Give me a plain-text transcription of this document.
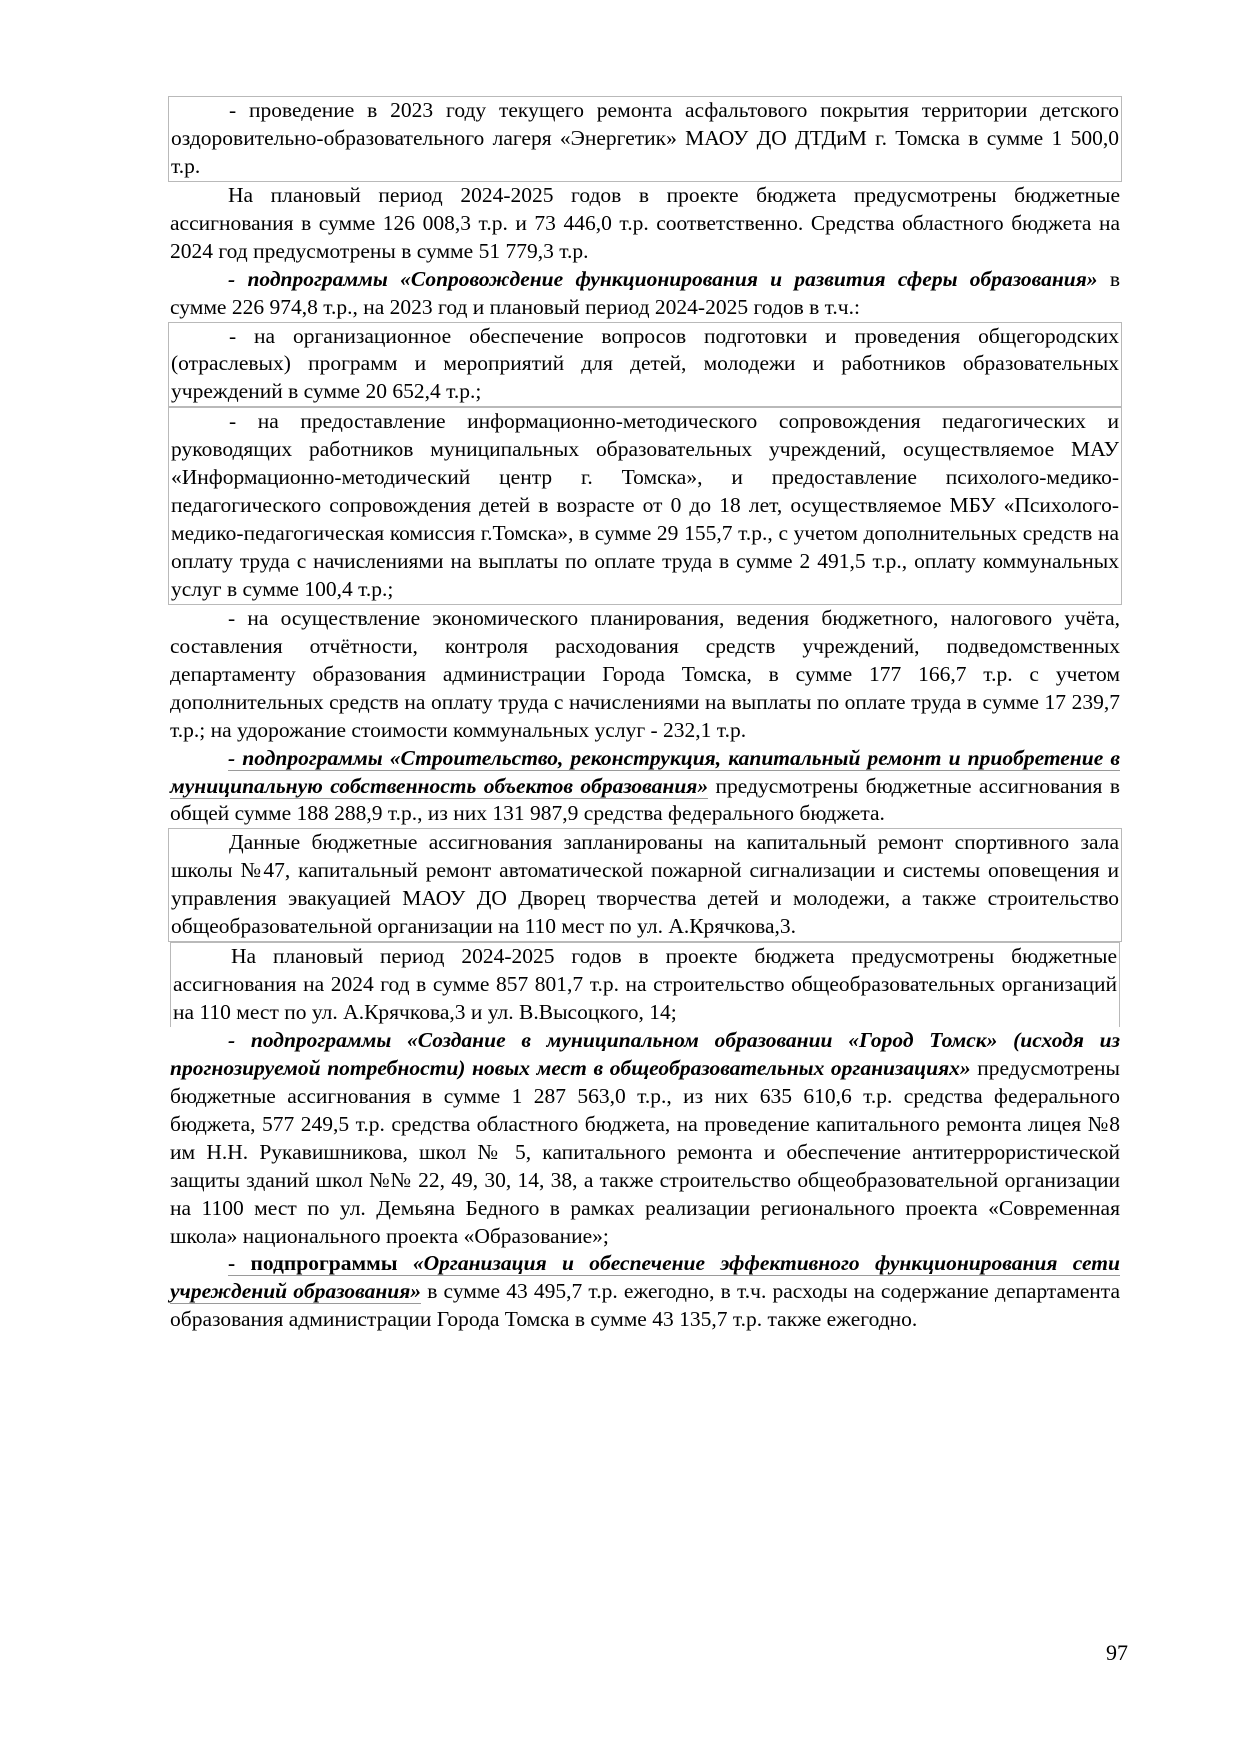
- проведение в 2023 году текущего ремонта асфальтового покрытия территории детского оздоровительно-образовательного лагеря «Энергетик» МАОУ ДО ДТДиМ г. Томска в сумме 1 500,0 т.р.

На плановый период 2024-2025 годов в проекте бюджета предусмотрены бюджетные ассигнования в сумме 126 008,3 т.р. и 73 446,0 т.р. соответственно. Средства областного бюджета на 2024 год предусмотрены в сумме 51 779,3 т.р.

- подпрограммы «Сопровождение функционирования и развития сферы образования» в сумме 226 974,8 т.р., на 2023 год и плановый период 2024-2025 годов в т.ч.:

- на организационное обеспечение вопросов подготовки и проведения общегородских (отраслевых) программ и мероприятий для детей, молодежи и работников образовательных учреждений в сумме 20 652,4 т.р.;

- на предоставление информационно-методического сопровождения педагогических и руководящих работников муниципальных образовательных учреждений, осуществляемое МАУ «Информационно-методический центр г. Томска», и предоставление психолого-медико-педагогического сопровождения детей в возрасте от 0 до 18 лет, осуществляемое МБУ «Психолого-медико-педагогическая комиссия г.Томска», в сумме 29 155,7 т.р., с учетом дополнительных средств на оплату труда с начислениями на выплаты по оплате труда в сумме 2 491,5 т.р., оплату коммунальных услуг в сумме 100,4 т.р.;

- на осуществление экономического планирования, ведения бюджетного, налогового учёта, составления отчётности, контроля расходования средств учреждений, подведомственных департаменту образования администрации Города Томска, в сумме 177 166,7 т.р. с учетом дополнительных средств на оплату труда с начислениями на выплаты по оплате труда в сумме 17 239,7 т.р.; на удорожание стоимости коммунальных услуг - 232,1 т.р.

- подпрограммы «Строительство, реконструкция, капитальный ремонт и приобретение в муниципальную собственность объектов образования» предусмотрены бюджетные ассигнования в общей сумме 188 288,9 т.р., из них 131 987,9 средства федерального бюджета.

Данные бюджетные ассигнования запланированы на капитальный ремонт спортивного зала школы №47, капитальный ремонт автоматической пожарной сигнализации и системы оповещения и управления эвакуацией МАОУ ДО Дворец творчества детей и молодежи, а также строительство общеобразовательной организации на 110 мест по ул. А.Крячкова,3.

На плановый период 2024-2025 годов в проекте бюджета предусмотрены бюджетные ассигнования на 2024 год в сумме 857 801,7 т.р. на строительство общеобразовательных организаций на 110 мест по ул. А.Крячкова,3 и ул. В.Высоцкого, 14;

- подпрограммы «Создание в муниципальном образовании «Город Томск» (исходя из прогнозируемой потребности) новых мест в общеобразовательных организациях» предусмотрены бюджетные ассигнования в сумме 1 287 563,0 т.р., из них 635 610,6 т.р. средства федерального бюджета, 577 249,5 т.р. средства областного бюджета, на проведение капитального ремонта лицея №8 им Н.Н. Рукавишникова, школ № 5, капитального ремонта и обеспечение антитеррористической защиты зданий школ №№ 22, 49, 30, 14, 38, а также строительство общеобразовательной организации на 1100 мест по ул. Демьяна Бедного в рамках реализации регионального проекта «Современная школа» национального проекта «Образование»;

- подпрограммы «Организация и обеспечение эффективного функционирования сети учреждений образования» в сумме 43 495,7 т.р. ежегодно, в т.ч. расходы на содержание департамента образования администрации Города Томска в сумме 43 135,7 т.р. также ежегодно.

97
